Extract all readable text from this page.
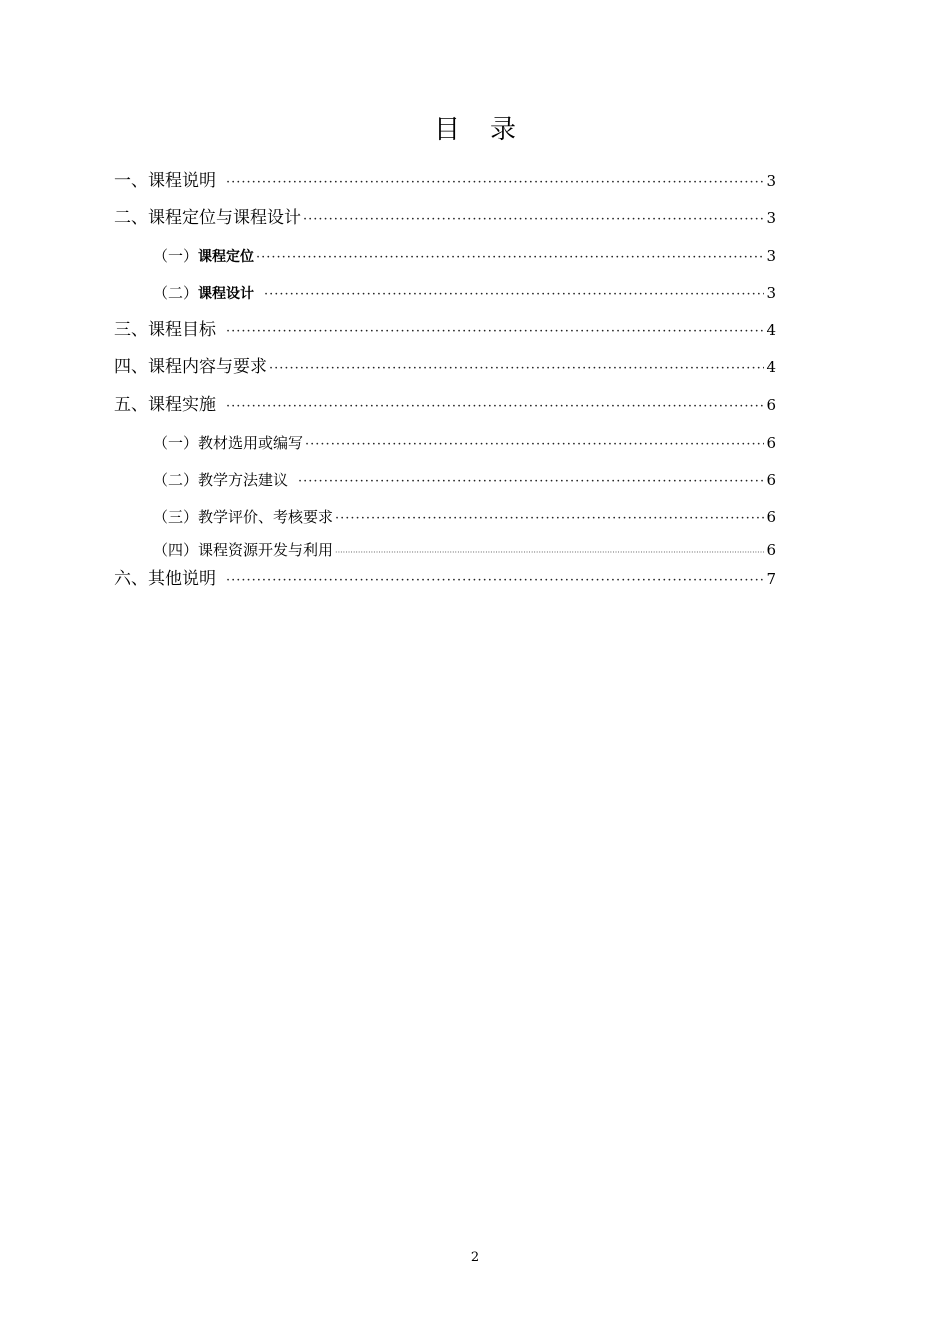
目录
一、 课程说明 ·····	3
二、 课程定位与课程设计 ·····	3
（一） 课程定位 ·····	3
（二） 课程设计 ·····	3
三、 课程目标 ·····	4
四、 课程内容与要求 ·····	4
五、 课程实施 ·····	6
（一） 教材选用或编写 ·····	6
（二） 教学方法建议 ·····	6
（三） 教学评价、考核要求 ·····	6
（四） 课程资源开发与利用 ·····	6
六、 其他说明 ·····	7
2
